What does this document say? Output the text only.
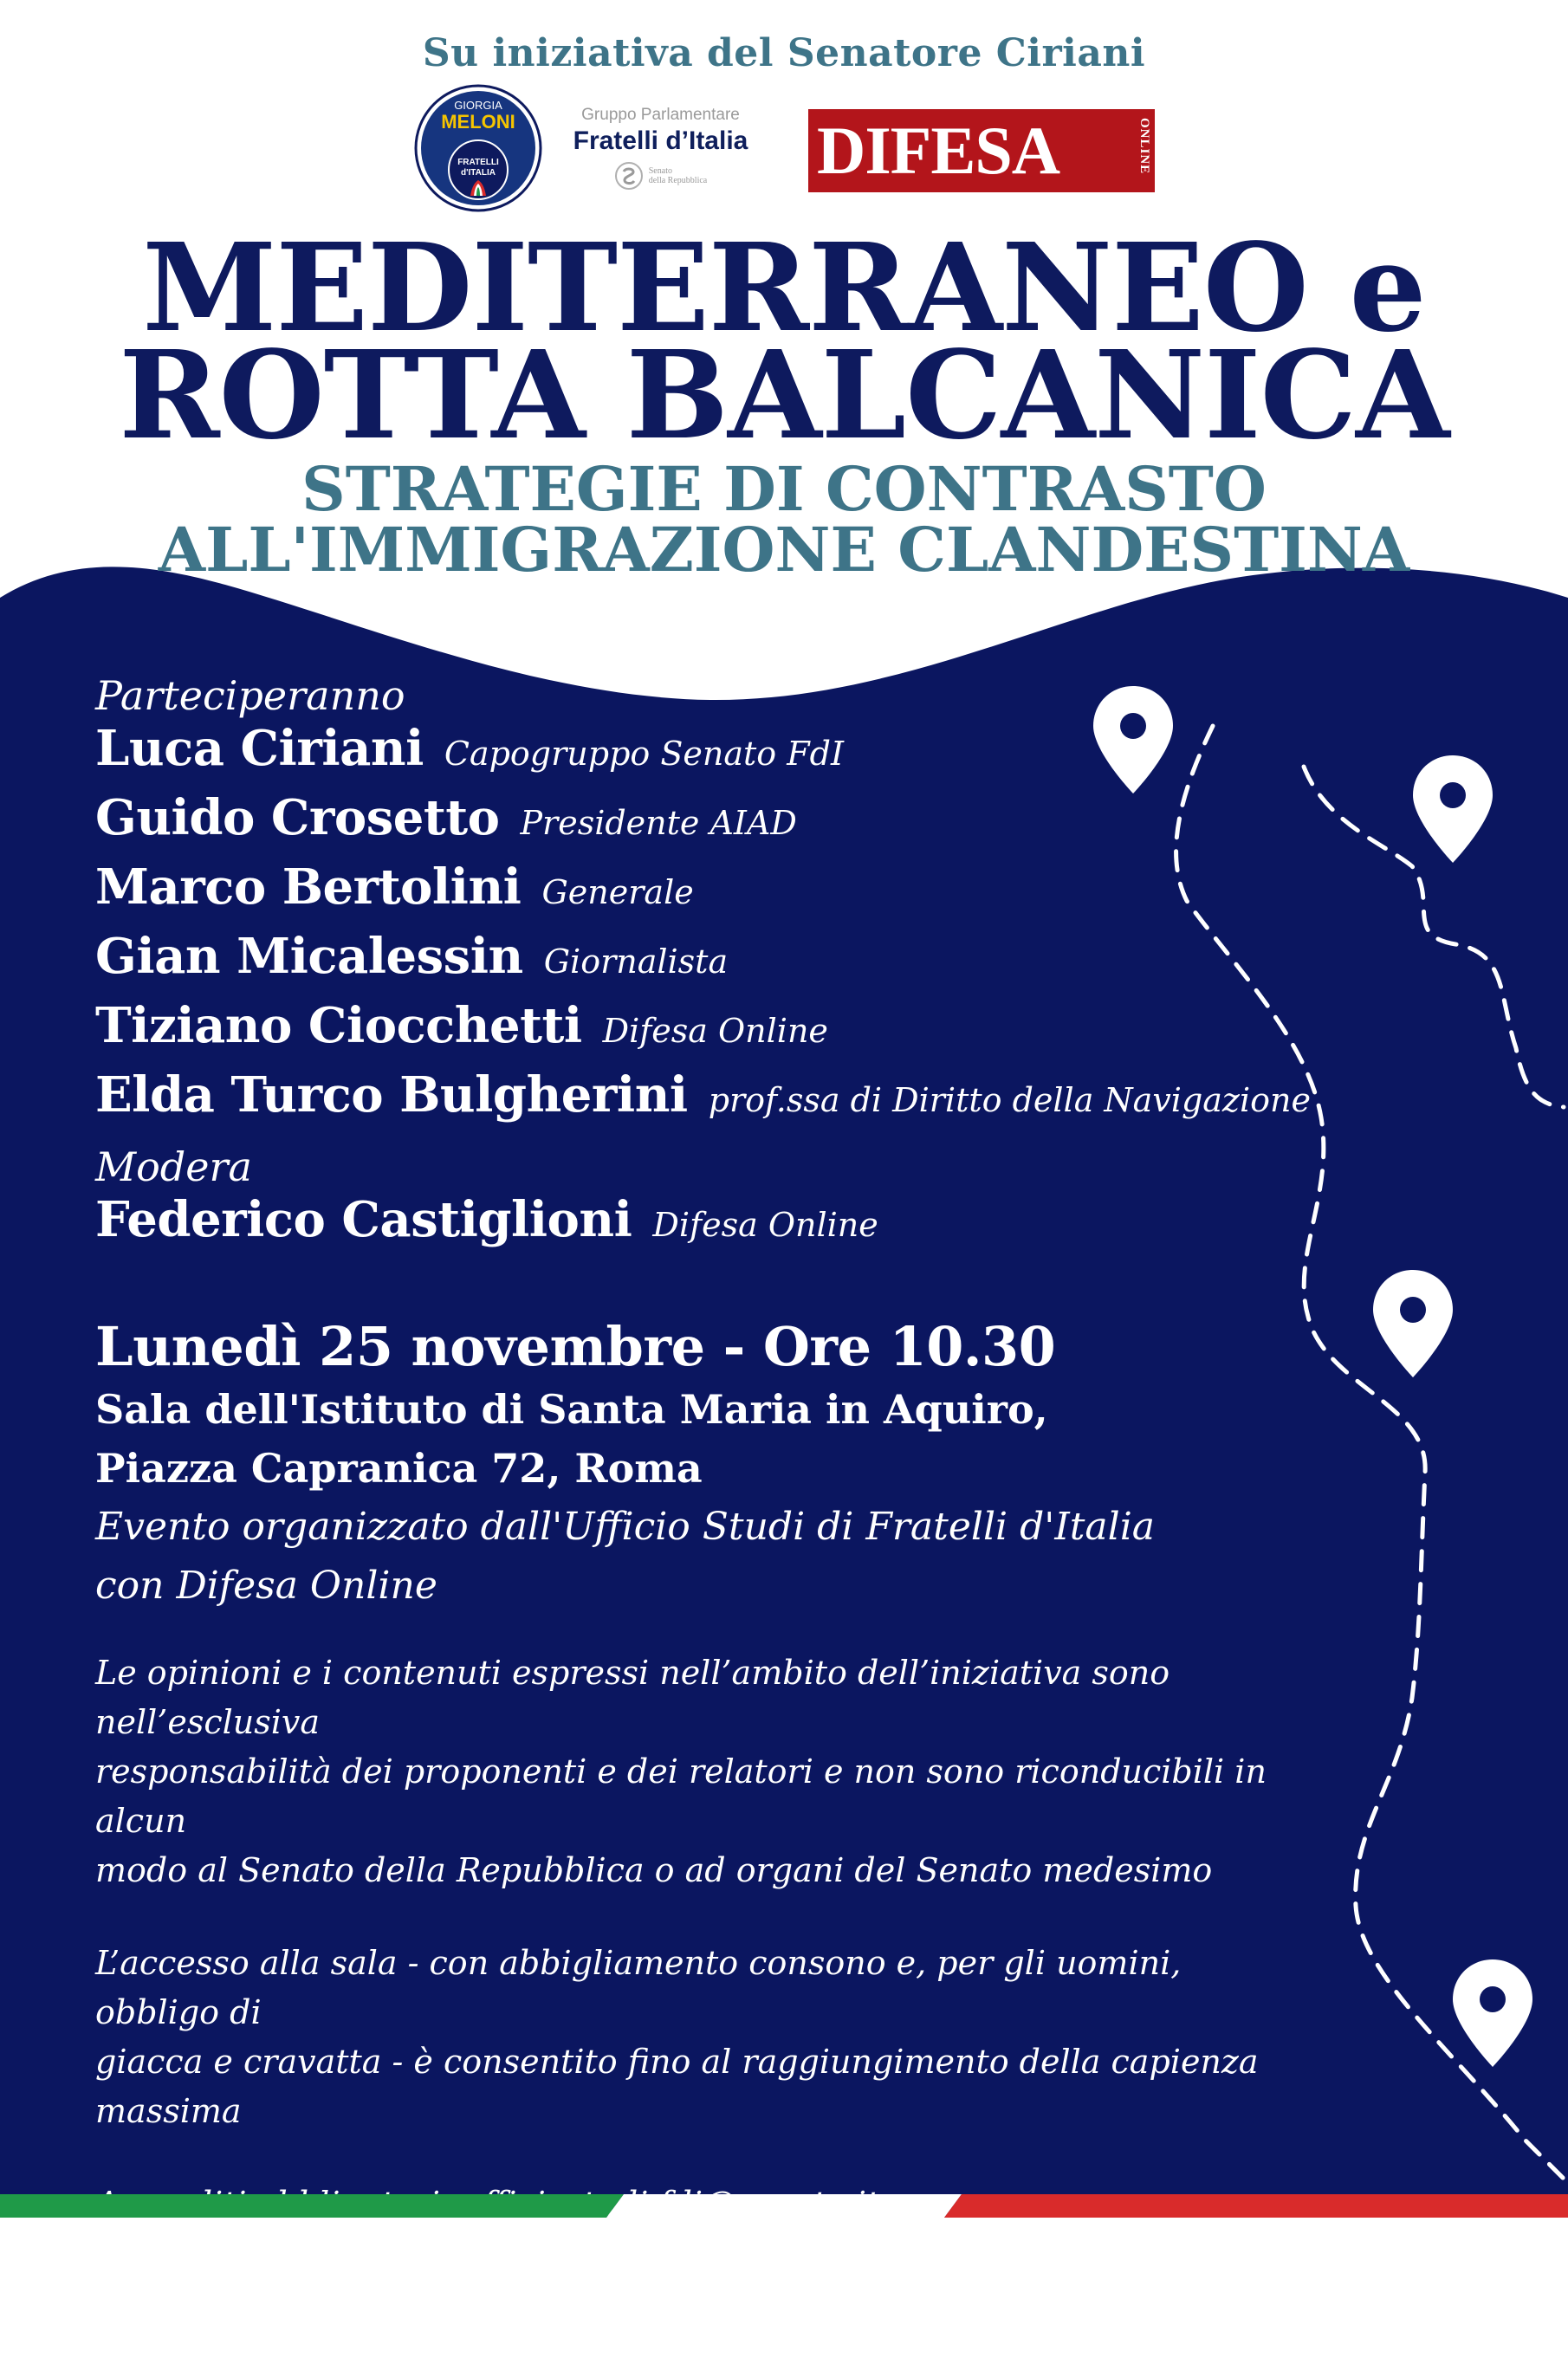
Su iniziativa del Senatore Ciriani
GIORGIA
MELONI
FRATELLI
d'ITALIA
Gruppo Parlamentare
Fratelli d’Italia
Senato
della Repubblica DIFESA	ONLINE
MEDITERRANEO e
ROTTA BALCANICA
STRATEGIE DI CONTRASTO
ALL'IMMIGRAZIONE CLANDESTINA
Parteciperanno
Luca Ciriani Capogruppo Senato FdI
Guido Crosetto Presidente AIAD
Marco Bertolini Generale
Gian Micalessin Giornalista
Tiziano Ciocchetti Difesa Online
Elda Turco Bulgherini prof.ssa di Diritto della Navigazione
Modera
Federico Castiglioni Difesa Online
Lunedì 25 novembre - Ore 10.30
Sala dell'Istituto di Santa Maria in Aquiro,
Piazza Capranica 72, Roma
Evento organizzato dall'Ufficio Studi di Fratelli d'Italia
con Difesa Online
Le opinioni e i contenuti espressi nell’ambito dell’iniziativa sono nell’esclusiva
responsabilità dei proponenti e dei relatori e non sono riconducibili in alcun
modo al Senato della Repubblica o ad organi del Senato medesimo
L’accesso alla sala - con abbigliamento consono e, per gli uomini, obbligo di
giacca e cravatta - è consentito fino al raggiungimento della capienza massima
I giornalisti devono accreditarsi secondo le modalità consuete inviando un fax
al numero 06.6706.2947
